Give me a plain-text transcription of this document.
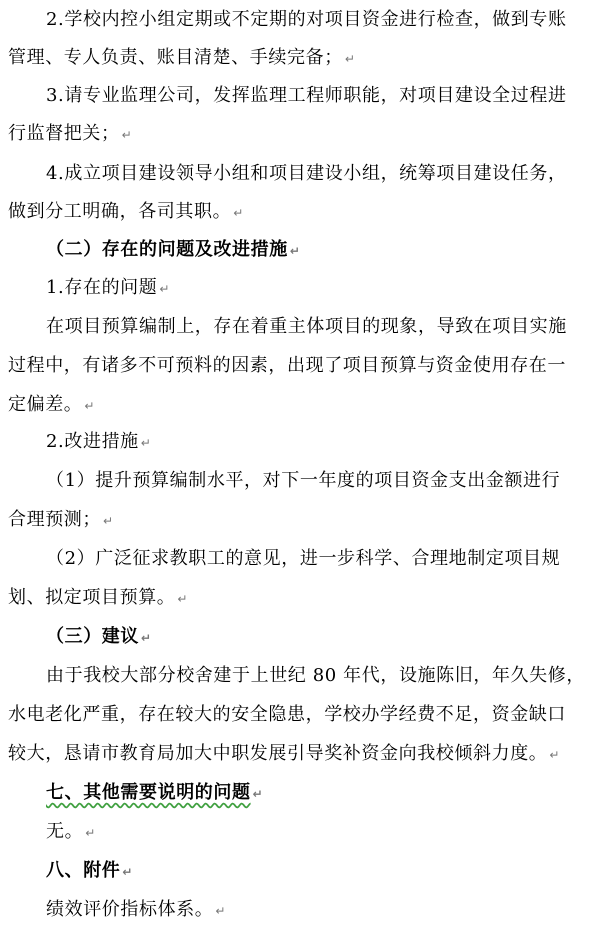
2.学校内控小组定期或不定期的对项目资金进行检查，做到专账
管理、专人负责、账目清楚、手续完备； ↵
3.请专业监理公司，发挥监理工程师职能，对项目建设全过程进
行监督把关； ↵
4.成立项目建设领导小组和项目建设小组，统筹项目建设任务，
做到分工明确，各司其职。 ↵
（二）存在的问题及改进措施 ↵
1.存在的问题 ↵
在项目预算编制上，存在着重主体项目的现象，导致在项目实施
过程中，有诸多不可预料的因素，出现了项目预算与资金使用存在一
定偏差。 ↵
2.改进措施 ↵
（1）提升预算编制水平，对下一年度的项目资金支出金额进行
合理预测； ↵
（2）广泛征求教职工的意见，进一步科学、合理地制定项目规
划、拟定项目预算。 ↵
（三）建议 ↵
由于我校大部分校舍建于上世纪 80 年代，设施陈旧，年久失修，
水电老化严重，存在较大的安全隐患，学校办学经费不足，资金缺口
较大，恳请市教育局加大中职发展引导奖补资金向我校倾斜力度。 ↵
七、其他需要说明的问题 ↵
无。 ↵
八、附件 ↵
绩效评价指标体系。 ↵
